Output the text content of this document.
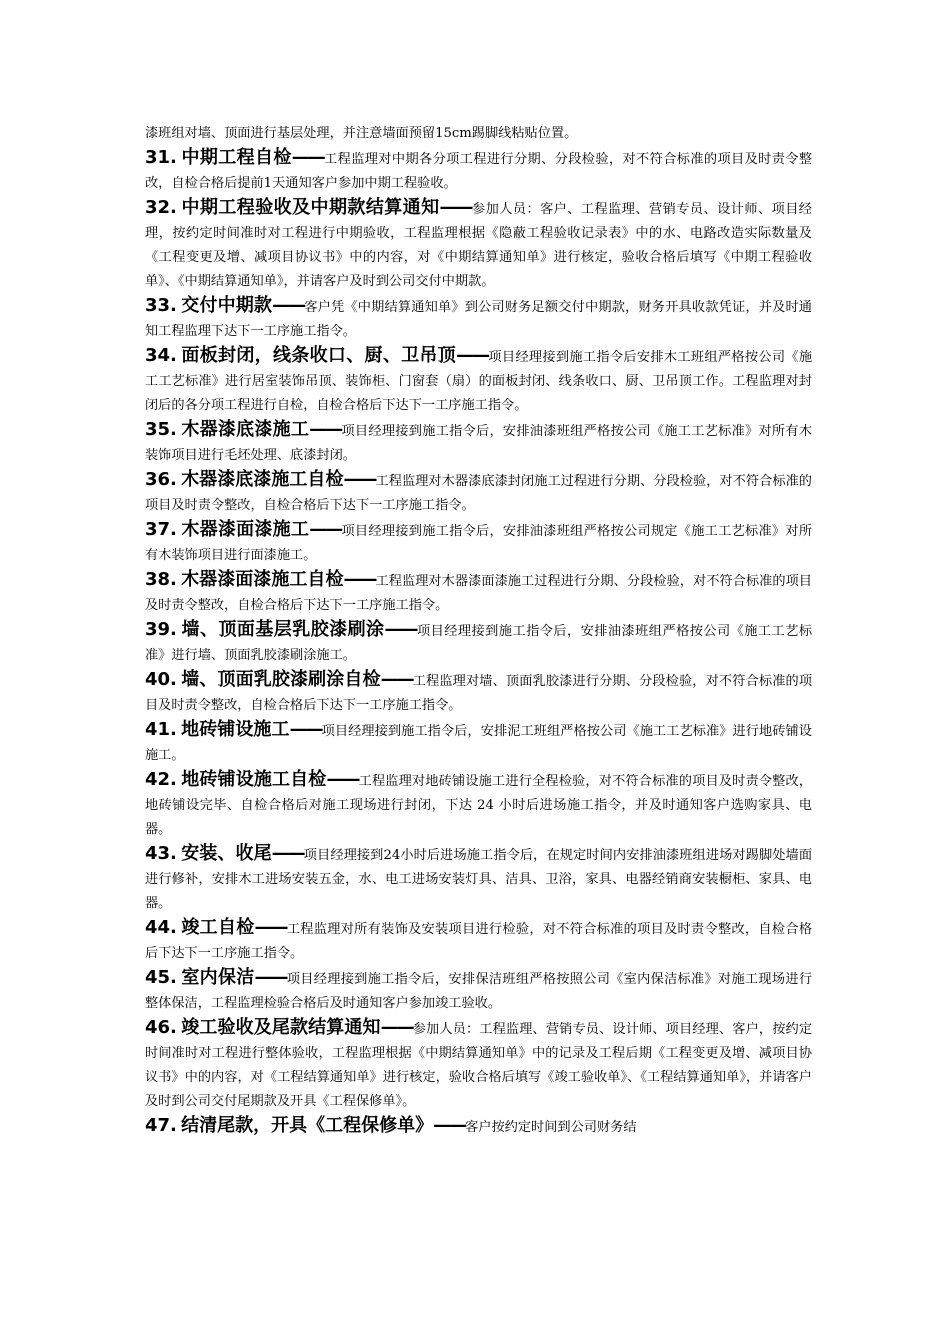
漆班组对墙、顶面进行基层处理，并注意墙面预留15cm踢脚线粘贴位置。

31. 中期工程自检——工程监理对中期各分项工程进行分期、分段检验，对不符合标准的项目及时责令整改，自检合格后提前1天通知客户参加中期工程验收。

32. 中期工程验收及中期款结算通知——参加人员：客户、工程监理、营销专员、设计师、项目经理，按约定时间准时对工程进行中期验收，工程监理根据《隐蔽工程验收记录表》中的水、电路改造实际数量及《工程变更及增、减项目协议书》中的内容，对《中期结算通知单》进行核定，验收合格后填写《中期工程验收单》、《中期结算通知单》，并请客户及时到公司交付中期款。

33. 交付中期款——客户凭《中期结算通知单》到公司财务足额交付中期款，财务开具收款凭证，并及时通知工程监理下达下一工序施工指令。

34. 面板封闭，线条收口、厨、卫吊顶——项目经理接到施工指令后安排木工班组严格按公司《施工工艺标准》进行居室装饰吊顶、装饰柜、门窗套（扇）的面板封闭、线条收口、厨、卫吊顶工作。工程监理对封闭后的各分项工程进行自检，自检合格后下达下一工序施工指令。

35. 木器漆底漆施工——项目经理接到施工指令后，安排油漆班组严格按公司《施工工艺标准》对所有木装饰项目进行毛坯处理、底漆封闭。

36. 木器漆底漆施工自检——工程监理对木器漆底漆封闭施工过程进行分期、分段检验，对不符合标准的项目及时责令整改，自检合格后下达下一工序施工指令。

37. 木器漆面漆施工——项目经理接到施工指令后，安排油漆班组严格按公司规定《施工工艺标准》对所有木装饰项目进行面漆施工。

38. 木器漆面漆施工自检——工程监理对木器漆面漆施工过程进行分期、分段检验，对不符合标准的项目及时责令整改，自检合格后下达下一工序施工指令。

39. 墙、顶面基层乳胶漆刷涂——项目经理接到施工指令后，安排油漆班组严格按公司《施工工艺标准》进行墙、顶面乳胶漆刷涂施工。

40. 墙、顶面乳胶漆刷涂自检——工程监理对墙、顶面乳胶漆进行分期、分段检验，对不符合标准的项目及时责令整改，自检合格后下达下一工序施工指令。

41. 地砖铺设施工——项目经理接到施工指令后，安排泥工班组严格按公司《施工工艺标准》进行地砖铺设施工。

42. 地砖铺设施工自检——工程监理对地砖铺设施工进行全程检验，对不符合标准的项目及时责令整改，地砖铺设完毕、自检合格后对施工现场进行封闭，下达 24 小时后进场施工指令，并及时通知客户选购家具、电器。

43. 安装、收尾——项目经理接到24小时后进场施工指令后，在规定时间内安排油漆班组进场对踢脚处墙面进行修补，安排木工进场安装五金，水、电工进场安装灯具、洁具、卫浴，家具、电器经销商安装橱柜、家具、电器。

44. 竣工自检——工程监理对所有装饰及安装项目进行检验，对不符合标准的项目及时责令整改，自检合格后下达下一工序施工指令。

45. 室内保洁——项目经理接到施工指令后，安排保洁班组严格按照公司《室内保洁标准》对施工现场进行整体保洁，工程监理检验合格后及时通知客户参加竣工验收。

46. 竣工验收及尾款结算通知——参加人员：工程监理、营销专员、设计师、项目经理、客户，按约定时间准时对工程进行整体验收，工程监理根据《中期结算通知单》中的记录及工程后期《工程变更及增、减项目协议书》中的内容，对《工程结算通知单》进行核定，验收合格后填写《竣工验收单》、《工程结算通知单》，并请客户及时到公司交付尾期款及开具《工程保修单》。

47. 结清尾款，开具《工程保修单》——客户按约定时间到公司财务结
